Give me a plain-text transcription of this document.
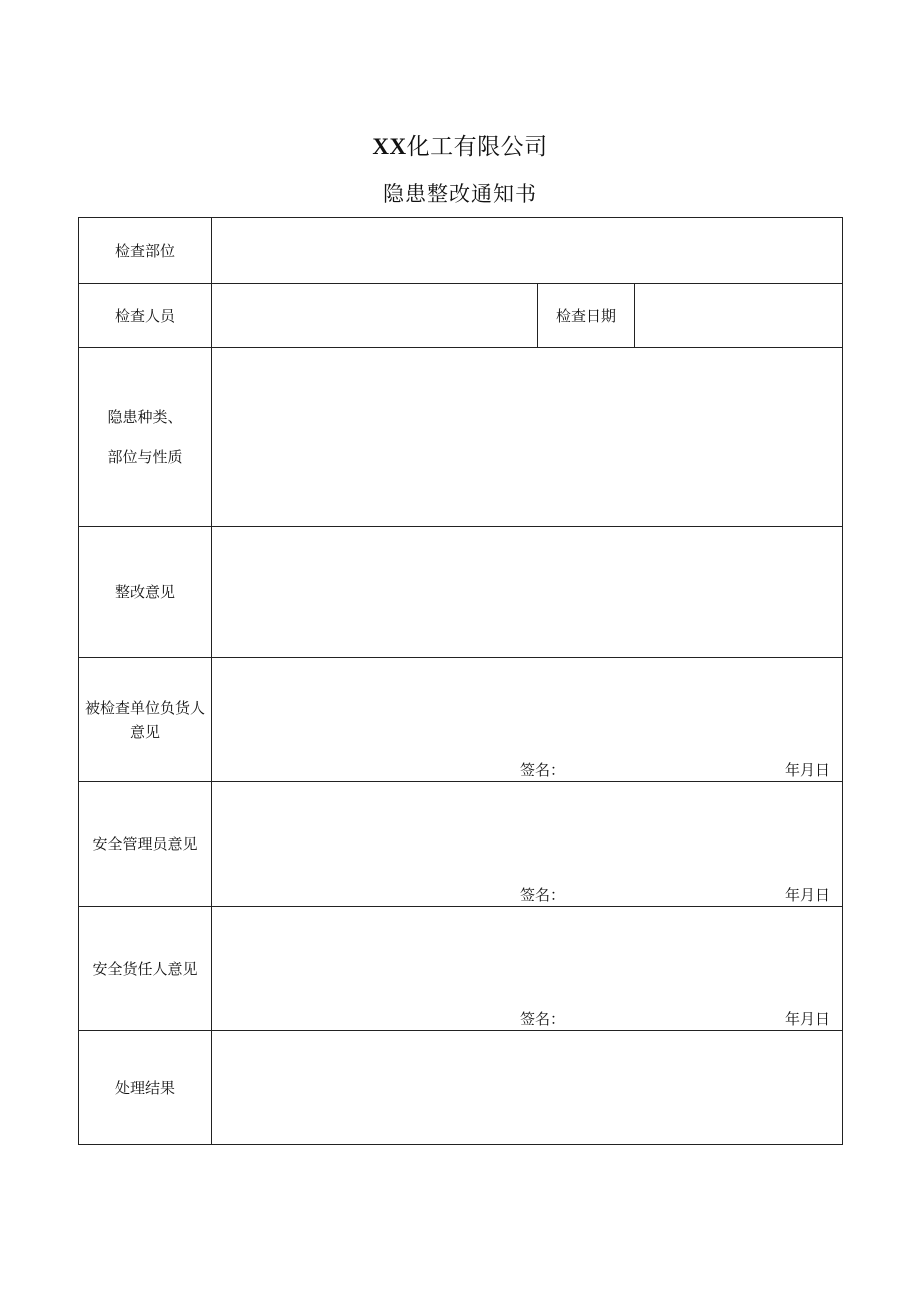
XX化工有限公司
隐患整改通知书
检查部位			
检查人员		检查日期	

隐患种类、
部位与性质			

整改意见			
被检查单位负货人意见	签名： 年月日		

安全管理员意见	签名： 年月日		

安全货任人意见	签名： 年月日		

处理结果			
